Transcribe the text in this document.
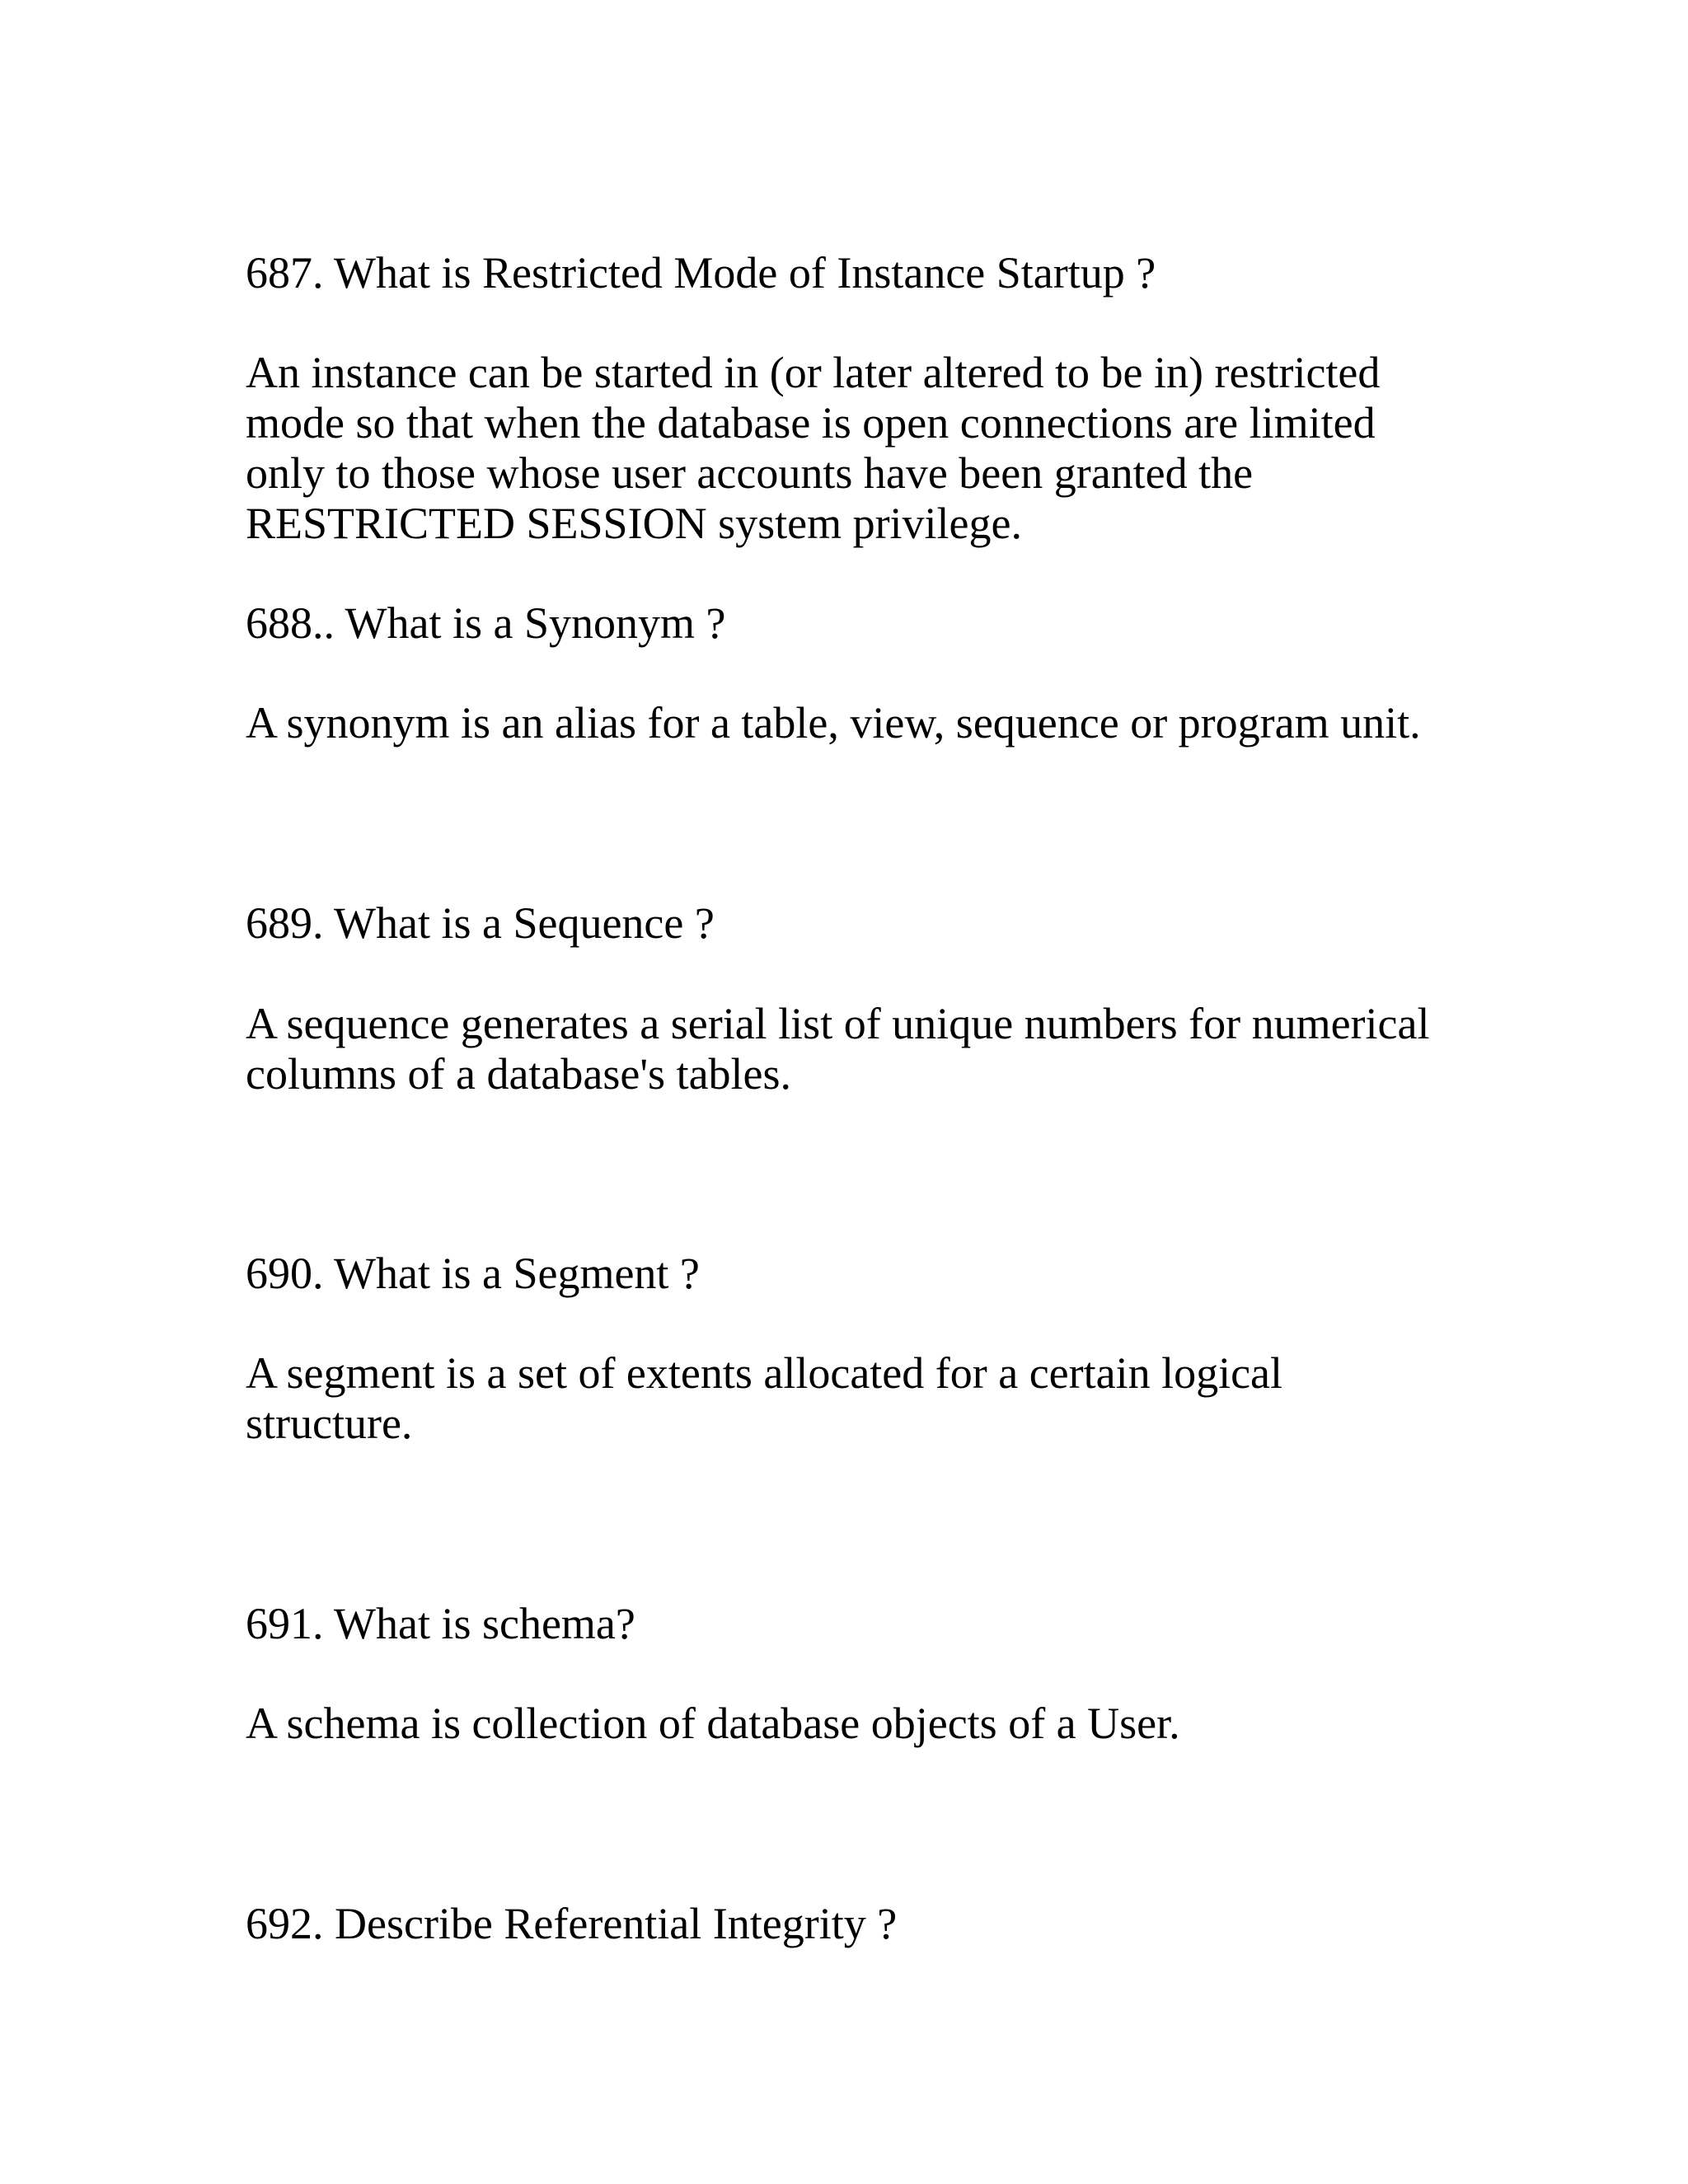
687. What is Restricted Mode of Instance Startup ?

An instance can be started in (or later altered to be in) restricted

mode so that when the database is open connections are limited

only to those whose user accounts have been granted the

RESTRICTED SESSION system privilege.

688.. What is a Synonym ?

A synonym is an alias for a table, view, sequence or program unit.

689. What is a Sequence ?

A sequence generates a serial list of unique numbers for numerical

columns of a database's tables.

690. What is a Segment ?

A segment is a set of extents allocated for a certain logical

structure.

691. What is schema?

A schema is collection of database objects of a User.

692. Describe Referential Integrity ?
